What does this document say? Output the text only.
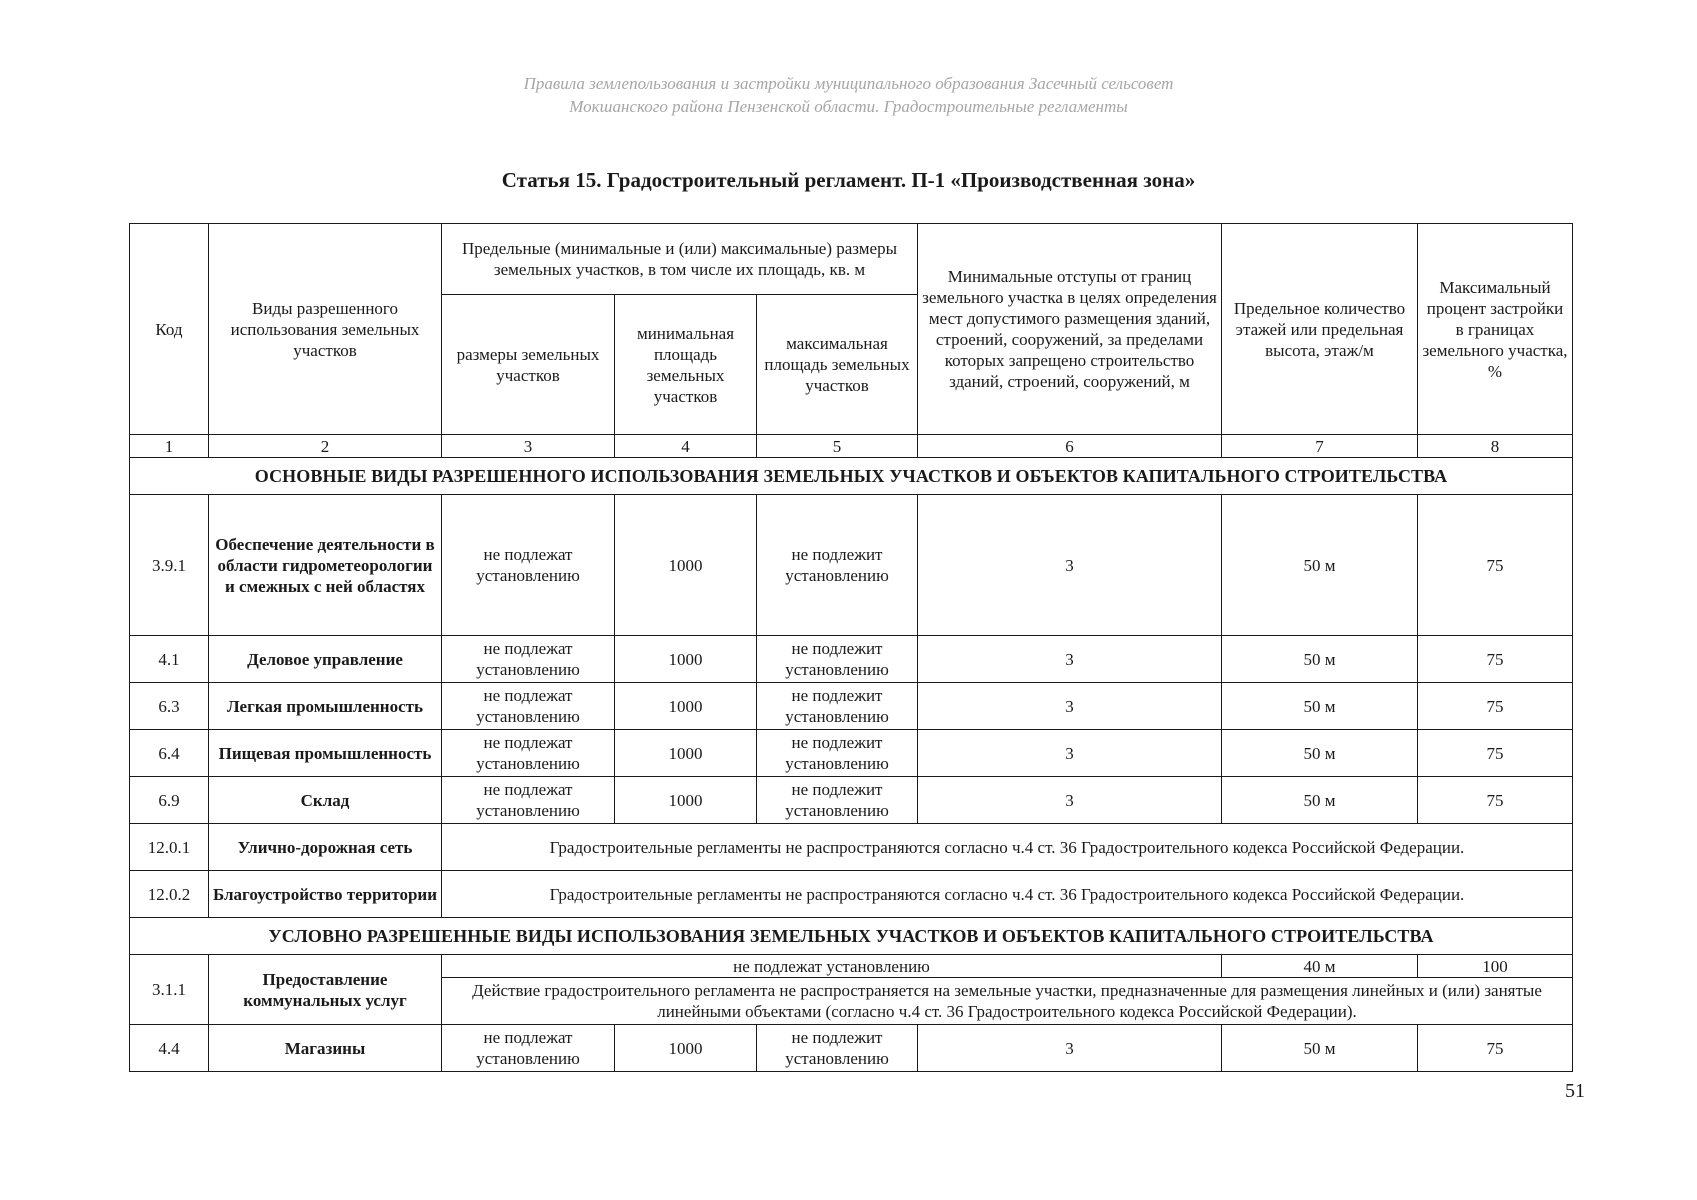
Правила землепользования и застройки муниципального образования Засечный сельсовет
Мокшанского района Пензенской области. Градостроительные регламенты
Статья 15. Градостроительный регламент. П-1 «Производственная зона»
Код	Виды разрешенного использования земельных участков	Предельные (минимальные и (или) максимальные) размеры земельных участков, в том числе их площадь, кв. м			Минимальные отступы от границ земельного участка в целях определения мест допустимого размещения зданий, строений, сооружений, за пределами которых запрещено строительство зданий, строений, сооружений, м	Предельное количество этажей или предельная высота, этаж/м	Максимальный процент застройки в границах земельного участка, %
		размеры земельных участков	минимальная площадь земельных участков	максимальная площадь земельных участков			
1	2	3	4	5	6	7	8
ОСНОВНЫЕ ВИДЫ РАЗРЕШЕННОГО ИСПОЛЬЗОВАНИЯ ЗЕМЕЛЬНЫХ УЧАСТКОВ И ОБЪЕКТОВ КАПИТАЛЬНОГО СТРОИТЕЛЬСТВА							
3.9.1	Обеспечение деятельности в области гидрометеорологии и смежных с ней областях	не подлежат установлению	1000	не подлежит установлению	3	50 м	75
4.1	Деловое управление	не подлежат установлению	1000	не подлежит установлению	3	50 м	75
6.3	Легкая промышленность	не подлежат установлению	1000	не подлежит установлению	3	50 м	75
6.4	Пищевая промышленность	не подлежат установлению	1000	не подлежит установлению	3	50 м	75
6.9	Склад	не подлежат установлению	1000	не подлежит установлению	3	50 м	75
12.0.1	Улично-дорожная сеть	Градостроительные регламенты не распространяются согласно ч.4 ст. 36 Градостроительного кодекса Российской Федерации.					
12.0.2	Благоустройство территории	Градостроительные регламенты не распространяются согласно ч.4 ст. 36 Градостроительного кодекса Российской Федерации.					
УСЛОВНО РАЗРЕШЕННЫЕ ВИДЫ ИСПОЛЬЗОВАНИЯ ЗЕМЕЛЬНЫХ УЧАСТКОВ И ОБЪЕКТОВ КАПИТАЛЬНОГО СТРОИТЕЛЬСТВА							
3.1.1	Предоставление коммунальных услуг	не подлежат установлению				40 м	100
		Действие градостроительного регламента не распространяется на земельные участки, предназначенные для размещения линейных и (или) занятые линейными объектами (согласно ч.4 ст. 36 Градостроительного кодекса Российской Федерации).					
4.4	Магазины	не подлежат установлению	1000	не подлежит установлению	3	50 м	75
51
